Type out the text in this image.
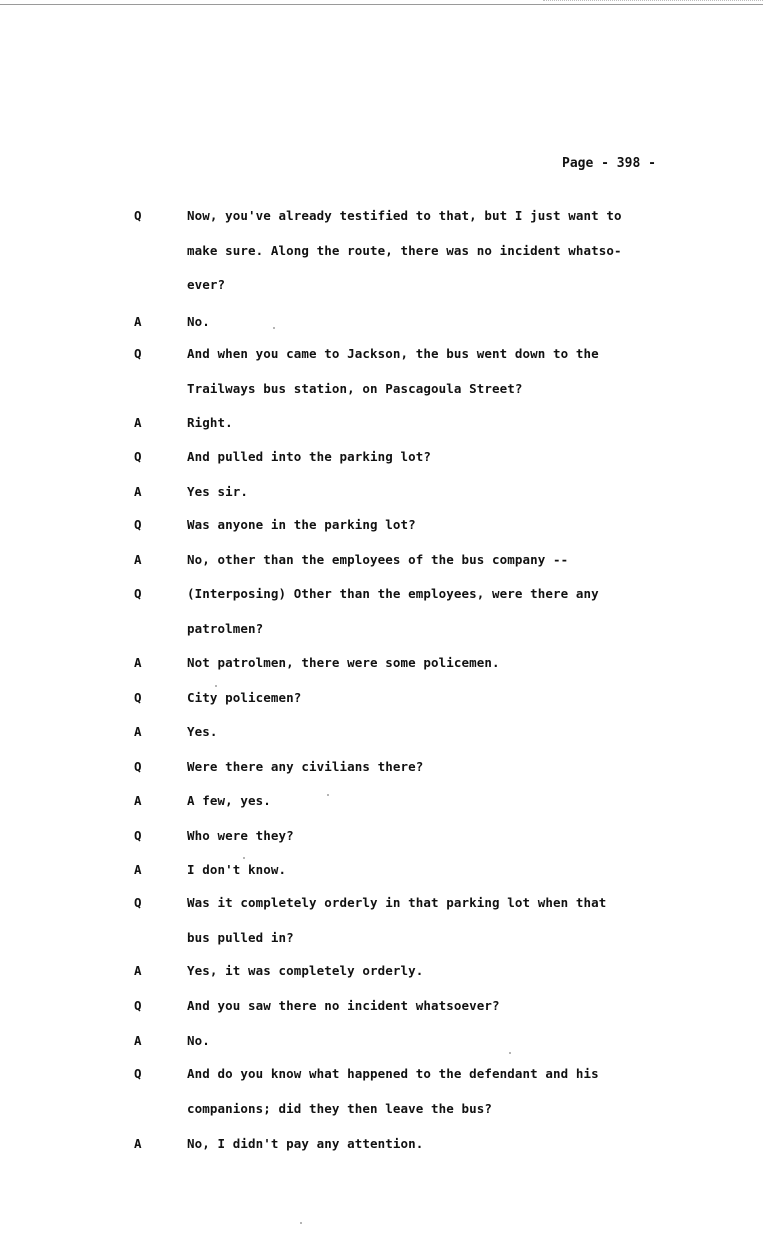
Page - 398 -
Q	Now, you've already testified to that, but I just want to
make sure. Along the route, there was no incident whatso-
ever?
A	No.
Q	And when you came to Jackson, the bus went down to the
Trailways bus station, on Pascagoula Street?
A	Right.
Q	And pulled into the parking lot?
A	Yes sir.
Q	Was anyone in the parking lot?
A	No, other than the employees of the bus company --
Q	(Interposing) Other than the employees, were there any
patrolmen?
A	Not patrolmen, there were some policemen.
Q	City policemen?
A	Yes.
Q	Were there any civilians there?
A	A few, yes.
Q	Who were they?
A	I don't know.
Q	Was it completely orderly in that parking lot when that
bus pulled in?
A	Yes, it was completely orderly.
Q	And you saw there no incident whatsoever?
A	No.
Q	And do you know what happened to the defendant and his
companions; did they then leave the bus?
A	No, I didn't pay any attention.
